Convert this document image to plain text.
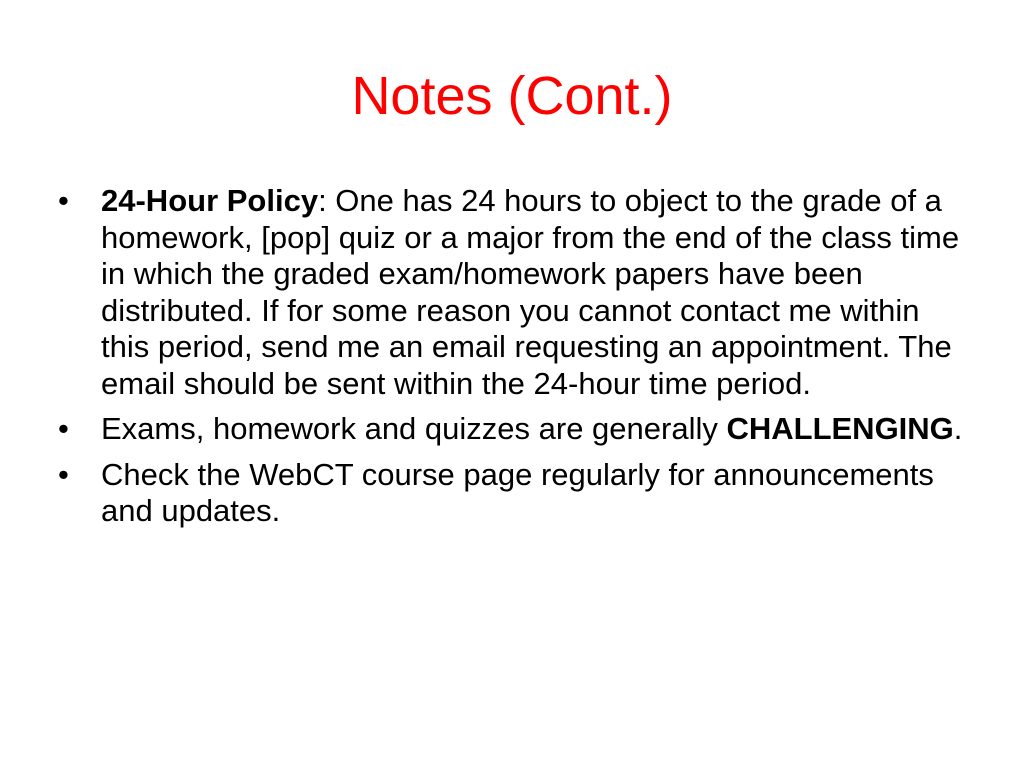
Notes (Cont.)
•	24-Hour Policy: One has 24 hours to object to the grade of a homework, [pop] quiz or a major from the end of the class time in which the graded exam/homework papers have been distributed. If for some reason you cannot contact me within this period, send me an email requesting an appointment. The email should be sent within the 24-hour time period.
•	Exams, homework and quizzes are generally CHALLENGING.
•	Check the WebCT course page regularly for announcements and updates.
